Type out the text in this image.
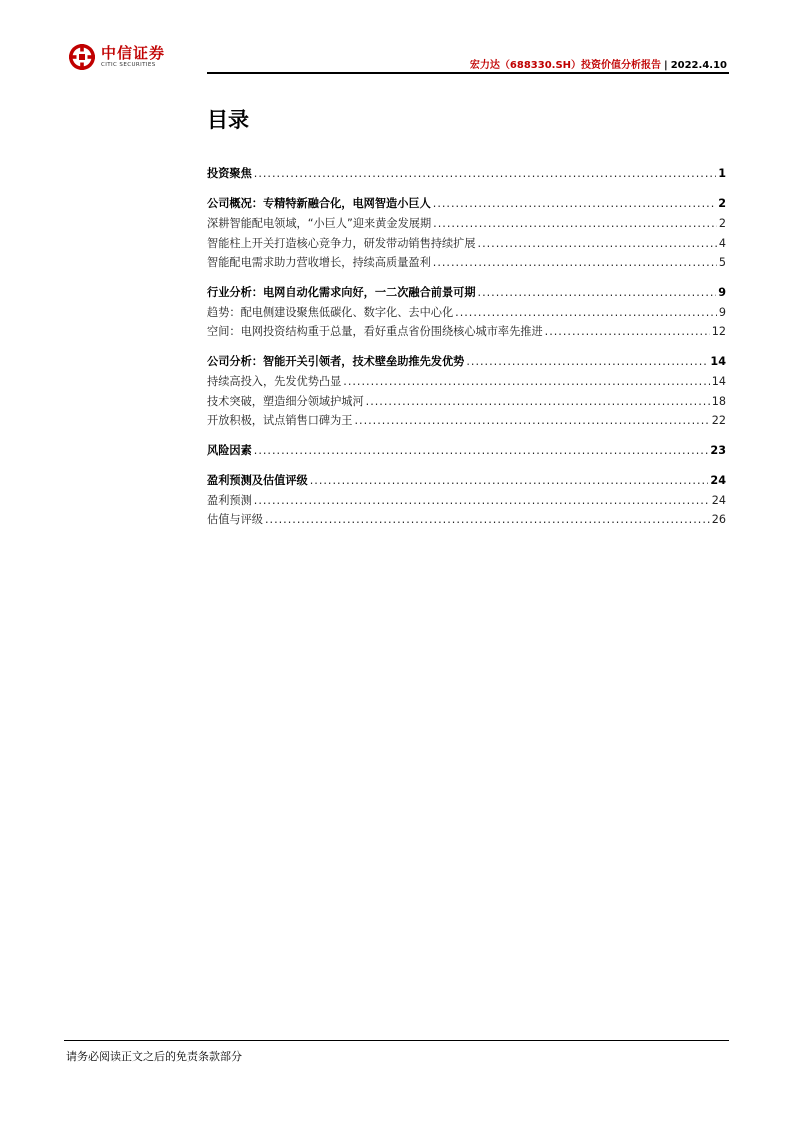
中信证券
CITIC SECURITIES	宏力达（688330.SH）投资价值分析报告 | 2022.4.10
目录
投资聚焦 .....	1
公司概况：专精特新融合化，电网智造小巨人 .....	2
深耕智能配电领域，“小巨人”迎来黄金发展期 .....	2
智能柱上开关打造核心竞争力，研发带动销售持续扩展 .....	4
智能配电需求助力营收增长，持续高质量盈利 .....	5
行业分析：电网自动化需求向好，一二次融合前景可期 .....	9
趋势：配电侧建设聚焦低碳化、数字化、去中心化 .....	9
空间：电网投资结构重于总量，看好重点省份围绕核心城市率先推进 .....	12
公司分析：智能开关引领者，技术壁垒助推先发优势 .....	14
持续高投入，先发优势凸显 .....	14
技术突破，塑造细分领域护城河 .....	18
开放积极，试点销售口碑为王 .....	22
风险因素 .....	23
盈利预测及估值评级 .....	24
盈利预测 .....	24
估值与评级 .....	26
请务必阅读正文之后的免责条款部分
